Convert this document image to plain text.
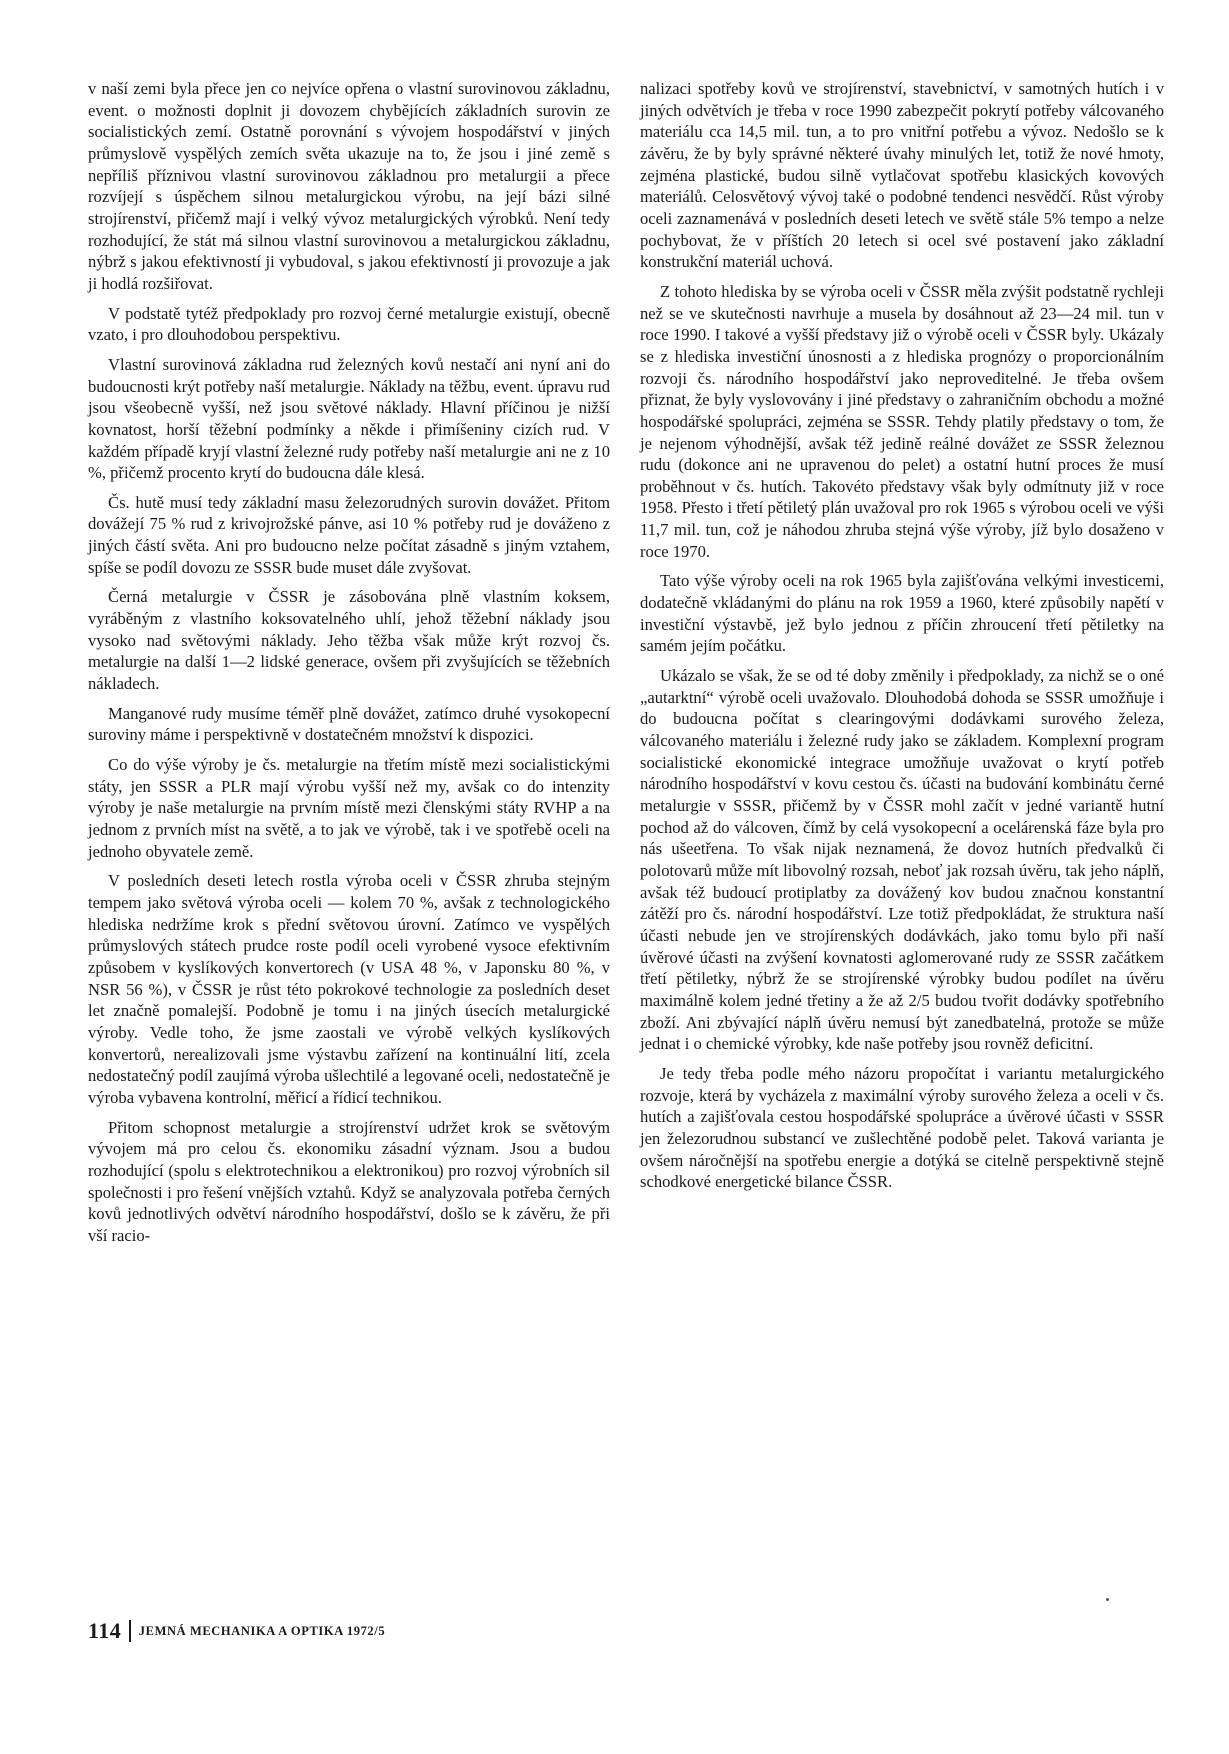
v naší zemi byla přece jen co nejvíce opřena o vlastní surovinovou základnu, event. o možnosti doplnit ji dovozem chybějících základních surovin ze socialistických zemí. Ostatně porovnání s vývojem hospodářství v jiných průmyslově vyspělých zemích světa ukazuje na to, že jsou i jiné země s nepříliš příznivou vlastní surovinovou základnou pro metalurgii a přece rozvíjejí s úspěchem silnou metalurgickou výrobu, na její bázi silné strojírenství, přičemž mají i velký vývoz metalurgických výrobků. Není tedy rozhodující, že stát má silnou vlastní surovinovou a metalurgickou základnu, nýbrž s jakou efektivností ji vybudoval, s jakou efektivností ji provozuje a jak ji hodlá rozšiřovat.

V podstatě tytéž předpoklady pro rozvoj černé metalurgie existují, obecně vzato, i pro dlouhodobou perspektivu.

Vlastní surovinová základna rud železných kovů nestačí ani nyní ani do budoucnosti krýt potřeby naší metalurgie. Náklady na těžbu, event. úpravu rud jsou všeobecně vyšší, než jsou světové náklady. Hlavní příčinou je nižší kovnatost, horší těžební podmínky a někde i přimíšeniny cizích rud. V každém případě kryjí vlastní železné rudy potřeby naší metalurgie ani ne z 10 %, přičemž procento krytí do budoucna dále klesá.

Čs. hutě musí tedy základní masu železorudných surovin dovážet. Přitom dovážejí 75 % rud z krivojrožské pánve, asi 10 % potřeby rud je dováženo z jiných částí světa. Ani pro budoucno nelze počítat zásadně s jiným vztahem, spíše se podíl dovozu ze SSSR bude muset dále zvyšovat.

Černá metalurgie v ČSSR je zásobována plně vlastním koksem, vyráběným z vlastního koksovatelného uhlí, jehož těžební náklady jsou vysoko nad světovými náklady. Jeho těžba však může krýt rozvoj čs. metalurgie na další 1—2 lidské generace, ovšem při zvyšujících se těžebních nákladech.

Manganové rudy musíme téměř plně dovážet, zatímco druhé vysokopecní suroviny máme i perspektivně v dostatečném množství k dispozici.

Co do výše výroby je čs. metalurgie na třetím místě mezi socialistickými státy, jen SSSR a PLR mají výrobu vyšší než my, avšak co do intenzity výroby je naše metalurgie na prvním místě mezi členskými státy RVHP a na jednom z prvních míst na světě, a to jak ve výrobě, tak i ve spotřebě oceli na jednoho obyvatele země.

V posledních deseti letech rostla výroba oceli v ČSSR zhruba stejným tempem jako světová výroba oceli — kolem 70 %, avšak z technologického hlediska nedržíme krok s přední světovou úrovní. Zatímco ve vyspělých průmyslových státech prudce roste podíl oceli vyrobené vysoce efektivním způsobem v kyslíkových konvertorech (v USA 48 %, v Japonsku 80 %, v NSR 56 %), v ČSSR je růst této pokrokové technologie za posledních deset let značně pomalejší. Podobně je tomu i na jiných úsecích metalurgické výroby. Vedle toho, že jsme zaostali ve výrobě velkých kyslíkových konvertorů, nerealizovali jsme výstavbu zařízení na kontinuální lití, zcela nedostatečný podíl zaujímá výroba ušlechtilé a legované oceli, nedostatečně je výroba vybavena kontrolní, měřicí a řídicí technikou.

Přitom schopnost metalurgie a strojírenství udržet krok se světovým vývojem má pro celou čs. ekonomiku zásadní význam. Jsou a budou rozhodující (spolu s elektrotechnikou a elektronikou) pro rozvoj výrobních sil společnosti i pro řešení vnějších vztahů. Když se analyzovala potřeba černých kovů jednotlivých odvětví národního hospodářství, došlo se k závěru, že při vší racio-

nalizaci spotřeby kovů ve strojírenství, stavebnictví, v samotných hutích i v jiných odvětvích je třeba v roce 1990 zabezpečit pokrytí potřeby válcovaného materiálu cca 14,5 mil. tun, a to pro vnitřní potřebu a vývoz. Nedošlo se k závěru, že by byly správné některé úvahy minulých let, totiž že nové hmoty, zejména plastické, budou silně vytlačovat spotřebu klasických kovových materiálů. Celosvětový vývoj také o podobné tendenci nesvědčí. Růst výroby oceli zaznamenává v posledních deseti letech ve světě stále 5% tempo a nelze pochybovat, že v příštích 20 letech si ocel své postavení jako základní konstrukční materiál uchová.

Z tohoto hlediska by se výroba oceli v ČSSR měla zvýšit podstatně rychleji než se ve skutečnosti navrhuje a musela by dosáhnout až 23—24 mil. tun v roce 1990. I takové a vyšší představy již o výrobě oceli v ČSSR byly. Ukázaly se z hlediska investiční únosnosti a z hlediska prognózy o proporcionálním rozvoji čs. národního hospodářství jako neproveditelné. Je třeba ovšem přiznat, že byly vyslovovány i jiné představy o zahraničním obchodu a možné hospodářské spolupráci, zejména se SSSR. Tehdy platily představy o tom, že je nejenom výhodnější, avšak též jedině reálné dovážet ze SSSR železnou rudu (dokonce ani ne upravenou do pelet) a ostatní hutní proces že musí proběhnout v čs. hutích. Takovéto představy však byly odmítnuty již v roce 1958. Přesto i třetí pětiletý plán uvažoval pro rok 1965 s výrobou oceli ve výši 11,7 mil. tun, což je náhodou zhruba stejná výše výroby, jíž bylo dosaženo v roce 1970.

Tato výše výroby oceli na rok 1965 byla zajišťována velkými investicemi, dodatečně vkládanými do plánu na rok 1959 a 1960, které způsobily napětí v investiční výstavbě, jež bylo jednou z příčin zhroucení třetí pětiletky na samém jejím počátku.

Ukázalo se však, že se od té doby změnily i předpoklady, za nichž se o oné „autarktní“ výrobě oceli uvažovalo. Dlouhodobá dohoda se SSSR umožňuje i do budoucna počítat s clearingovými dodávkami surového železa, válcovaného materiálu i železné rudy jako se základem. Komplexní program socialistické ekonomické integrace umožňuje uvažovat o krytí potřeb národního hospodářství v kovu cestou čs. účasti na budování kombinátu černé metalurgie v SSSR, přičemž by v ČSSR mohl začít v jedné variantě hutní pochod až do válcoven, čímž by celá vysokopecní a ocelárenská fáze byla pro nás ušeetřena. To však nijak neznamená, že dovoz hutních předvalků či polotovarů může mít libovolný rozsah, neboť jak rozsah úvěru, tak jeho náplň, avšak též budoucí protiplatby za dovážený kov budou značnou konstantní zátěží pro čs. národní hospodářství. Lze totiž předpokládat, že struktura naší účasti nebude jen ve strojírenských dodávkách, jako tomu bylo při naší úvěrové účasti na zvýšení kovnatosti aglomerované rudy ze SSSR začátkem třetí pětiletky, nýbrž že se strojírenské výrobky budou podílet na úvěru maximálně kolem jedné třetiny a že až 2/5 budou tvořit dodávky spotřebního zboží. Ani zbývající náplň úvěru nemusí být zanedbatelná, protože se může jednat i o chemické výrobky, kde naše potřeby jsou rovněž deficitní.

Je tedy třeba podle mého názoru propočítat i variantu metalurgického rozvoje, která by vycházela z maximální výroby surového železa a oceli v čs. hutích a zajišťovala cestou hospodářské spolupráce a úvěrové účasti v SSSR jen železorudnou substancí ve zušlechtěné podobě pelet. Taková varianta je ovšem náročnější na spotřebu energie a dotýká se citelně perspektivně stejně schodkové energetické bilance ČSSR.

114 JEMNÁ MECHANIKA A OPTIKA 1972/5
